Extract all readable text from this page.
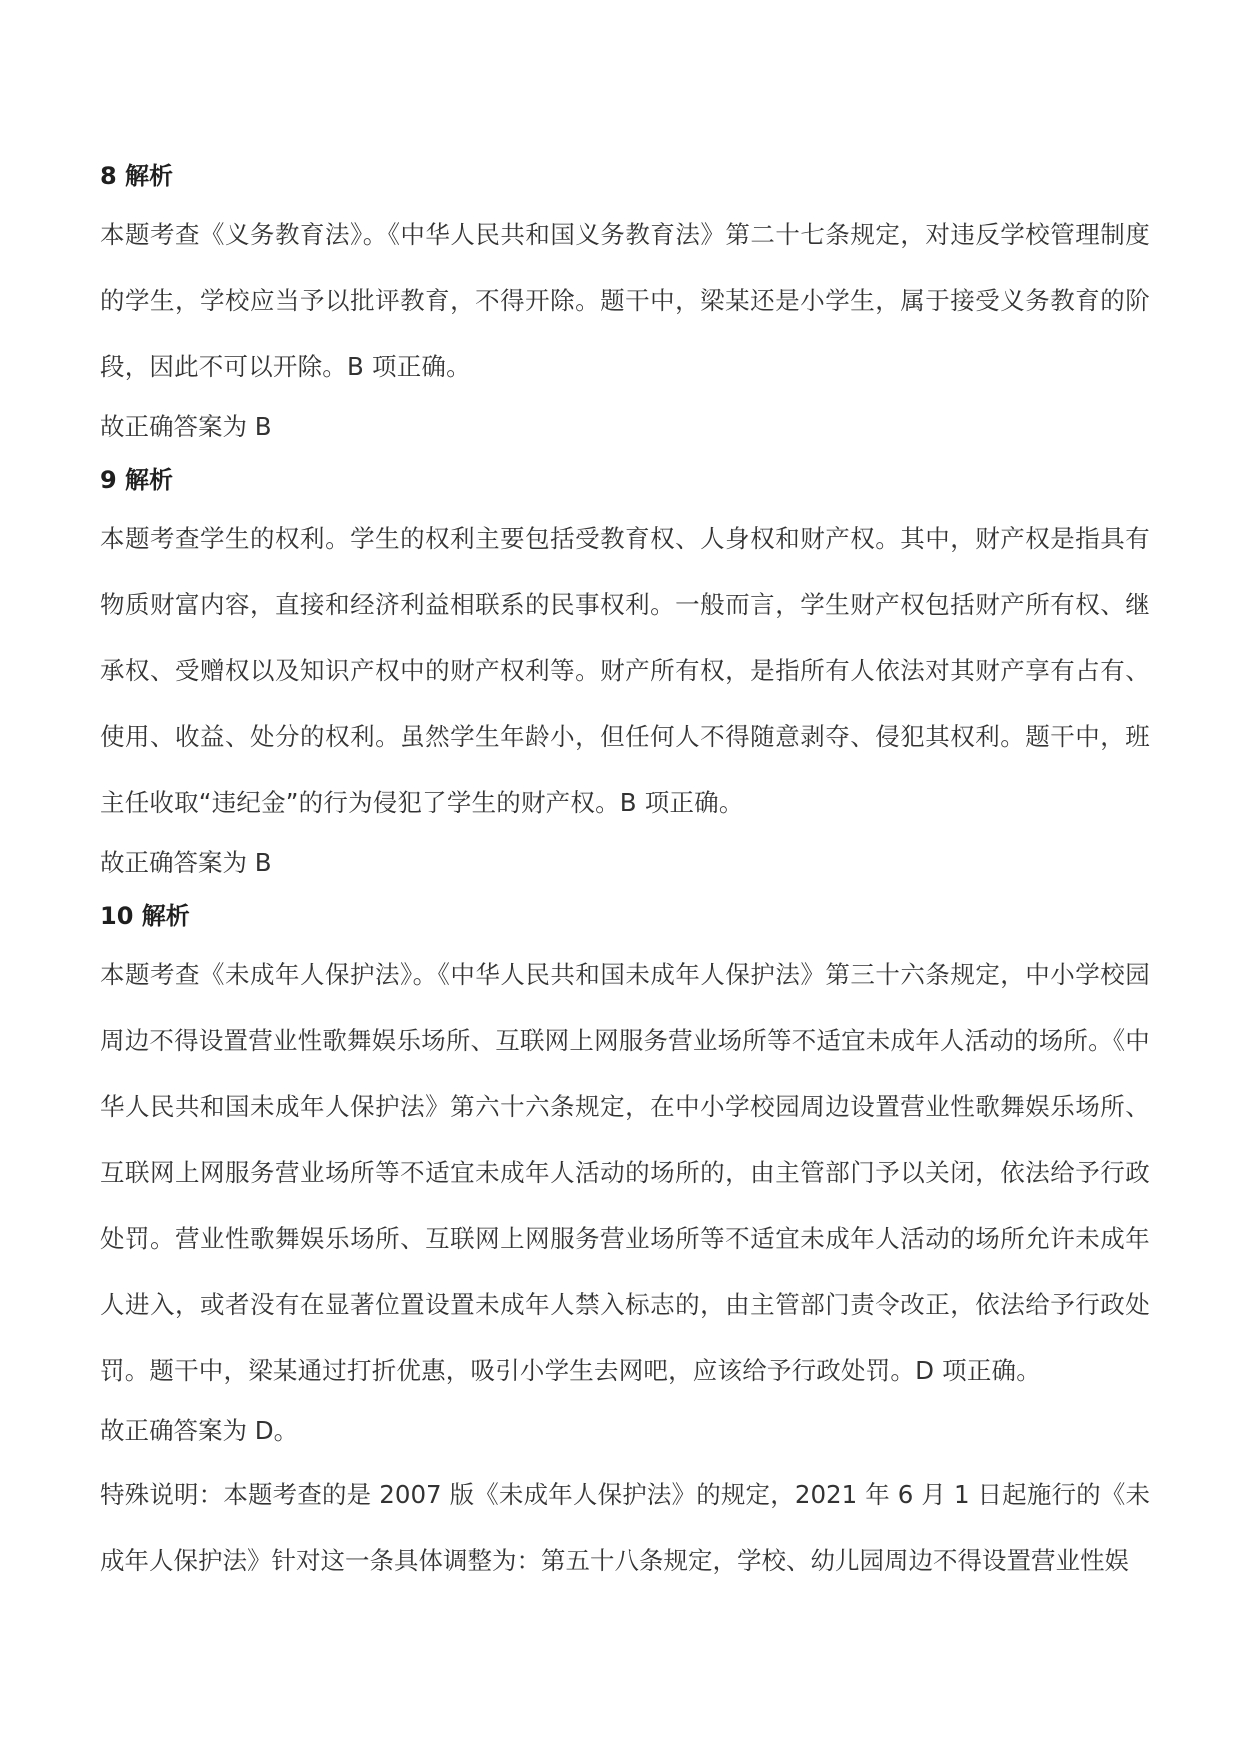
8 解析

本题考查《义务教育法》。《中华人民共和国义务教育法》第二十七条规定，对违反学校管理制度的学生，学校应当予以批评教育，不得开除。题干中，梁某还是小学生，属于接受义务教育的阶段，因此不可以开除。B 项正确。

故正确答案为 B

9 解析

本题考查学生的权利。学生的权利主要包括受教育权、人身权和财产权。其中，财产权是指具有物质财富内容，直接和经济利益相联系的民事权利。一般而言，学生财产权包括财产所有权、继承权、受赠权以及知识产权中的财产权利等。财产所有权，是指所有人依法对其财产享有占有、使用、收益、处分的权利。虽然学生年龄小，但任何人不得随意剥夺、侵犯其权利。题干中，班主任收取“违纪金”的行为侵犯了学生的财产权。B 项正确。

故正确答案为 B

10 解析

本题考查《未成年人保护法》。《中华人民共和国未成年人保护法》第三十六条规定，中小学校园周边不得设置营业性歌舞娱乐场所、互联网上网服务营业场所等不适宜未成年人活动的场所。《中华人民共和国未成年人保护法》第六十六条规定，在中小学校园周边设置营业性歌舞娱乐场所、互联网上网服务营业场所等不适宜未成年人活动的场所的，由主管部门予以关闭，依法给予行政处罚。营业性歌舞娱乐场所、互联网上网服务营业场所等不适宜未成年人活动的场所允许未成年人进入，或者没有在显著位置设置未成年人禁入标志的，由主管部门责令改正，依法给予行政处罚。题干中，梁某通过打折优惠，吸引小学生去网吧，应该给予行政处罚。D 项正确。

故正确答案为 D。

特殊说明：本题考查的是 2007 版《未成年人保护法》的规定，2021 年 6 月 1 日起施行的《未成年人保护法》针对这一条具体调整为：第五十八条规定，学校、幼儿园周边不得设置营业性娱
